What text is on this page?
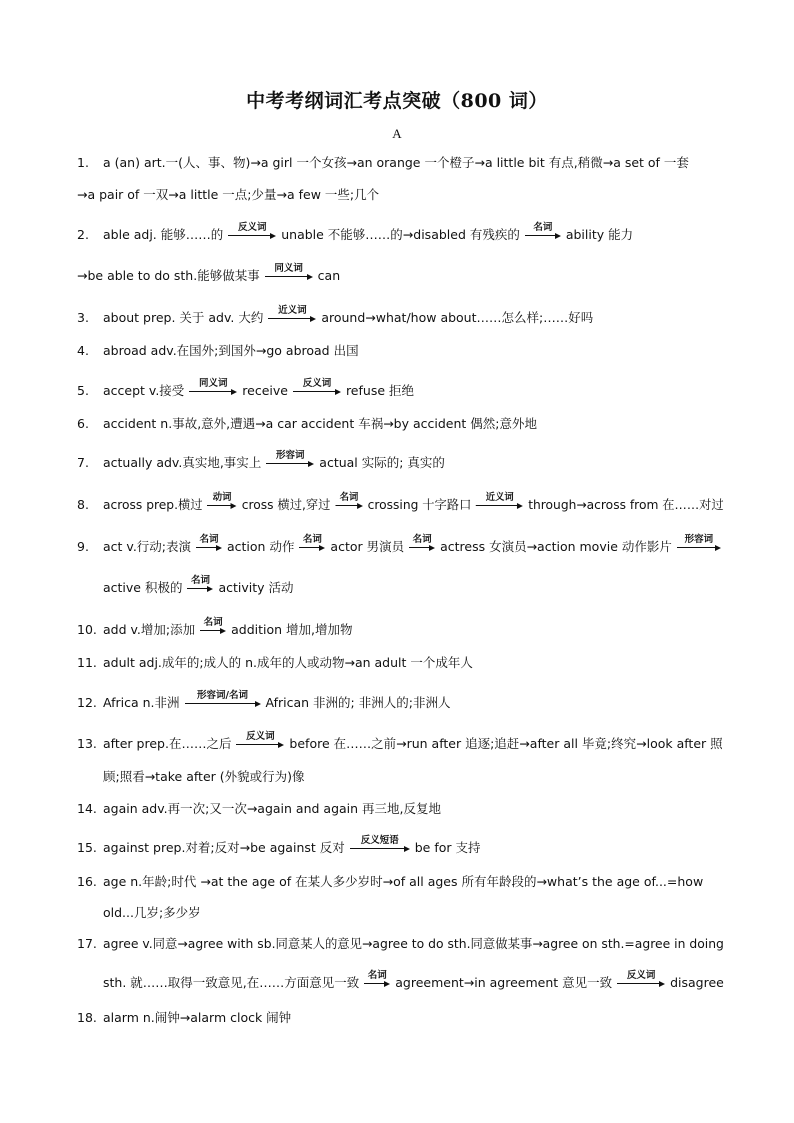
中考考纲词汇考点突破（800 词）
A
1. a (an) art.一(人、事、物)→a girl 一个女孩→an orange 一个橙子→a little bit 有点,稍微→a set of 一套
→a pair of 一双→a little 一点;少量→a few 一些;几个
2. able adj. 能够……的	反义词	unable 不能够……的→disabled 有残疾的	名词	ability 能力
→be able to do sth.能够做某事	同义词	can
3. about prep. 关于 adv. 大约	近义词	around→what/how about……怎么样;……好吗
4. abroad adv.在国外;到国外→go abroad 出国
5. accept v.接受	同义词	receive	反义词	refuse 拒绝
6. accident n.事故,意外,遭遇→a car accident 车祸→by accident 偶然;意外地
7. actually adv.真实地,事实上	形容词	actual 实际的; 真实的
8. across prep.横过	动词 cross 横过,穿过 名词 crossing 十字路口	近义词	through→across from 在……对过
9. act v.行动;表演 名词 action 动作 名词 actor 男演员 名词 actress 女演员→action movie 动作影片	形容词
active 积极的 名词 activity 活动
10. add v.增加;添加 名词 addition 增加,增加物
11. adult adj.成年的;成人的 n.成年的人或动物→an adult 一个成年人
12. Africa n.非洲	形容词/名词	African 非洲的; 非洲人的;非洲人
13. after prep.在……之后	反义词	before 在……之前→run after 追逐;追赶→after all 毕竟;终究→look after 照
顾;照看→take after (外貌或行为)像
14. again adv.再一次;又一次→again and again 再三地,反复地
15. against prep.对着;反对→be against 反对	反义短语	be for 支持
16. age n.年龄;时代 →at the age of 在某人多少岁时→of all ages 所有年龄段的→what’s the age of...=how
old...几岁;多少岁
17. agree v.同意→agree with sb.同意某人的意见→agree to do sth.同意做某事→agree on sth.=agree in doing
sth. 就……取得一致意见,在……方面意见一致 名词 agreement→in agreement 意见一致	反义词	disagree
18. alarm n.闹钟→alarm clock 闹钟
